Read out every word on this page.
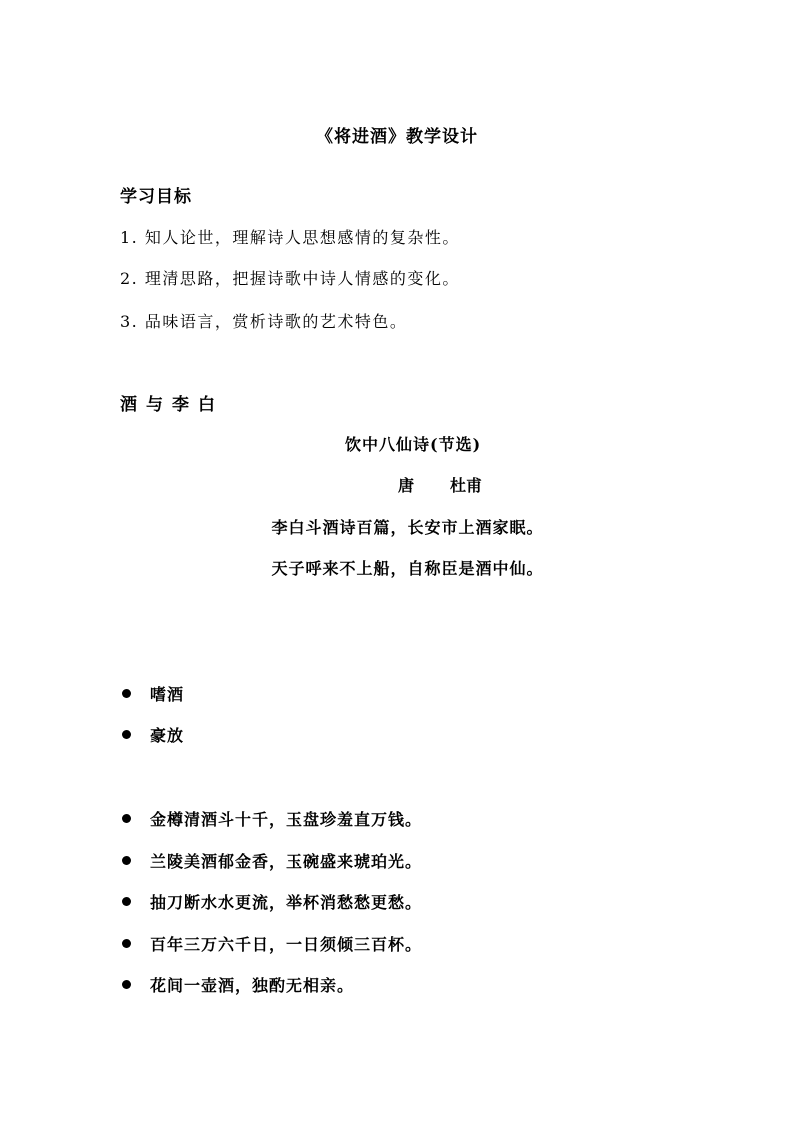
《将进酒》教学设计
学习目标
1. 知人论世，理解诗人思想感情的复杂性。
2. 理清思路，把握诗歌中诗人情感的变化。
3. 品味语言，赏析诗歌的艺术特色。
酒与李白
饮中八仙诗(节选)
唐 杜甫
李白斗酒诗百篇，长安市上酒家眠。
天子呼来不上船，自称臣是酒中仙。
嗜酒
豪放
金樽清酒斗十千，玉盘珍羞直万钱。
兰陵美酒郁金香，玉碗盛来琥珀光。
抽刀断水水更流，举杯消愁愁更愁。
百年三万六千日，一日须倾三百杯。
花间一壶酒，独酌无相亲。
